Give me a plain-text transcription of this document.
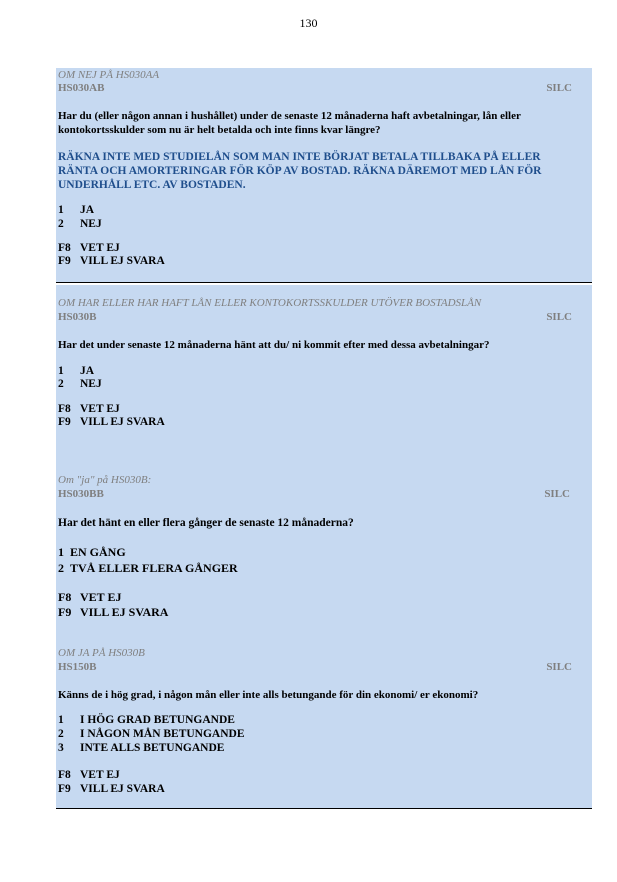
130
OM NEJ PÅ HS030AA
HS030AB	SILC
Har du (eller någon annan i hushållet) under de senaste 12 månaderna haft avbetalningar, lån eller
kontokortsskulder som nu är helt betalda och inte finns kvar längre?
RÄKNA INTE MED STUDIELÅN SOM MAN INTE BÖRJAT BETALA TILLBAKA PÅ ELLER RÄNTA OCH AMORTERINGAR FÖR KÖP AV BOSTAD. RÄKNA DÄREMOT MED LÅN FÖR UNDERHÅLL ETC. AV BOSTADEN.
1 JA
2 NEJ
F8 VET EJ
F9 VILL EJ SVARA
OM HAR ELLER HAR HAFT LÅN ELLER KONTOKORTSSKULDER UTÖVER BOSTADSLÅN
HS030B	SILC
Har det under senaste 12 månaderna hänt att du/ ni kommit efter med dessa avbetalningar?
1 JA
2 NEJ
F8 VET EJ
F9 VILL EJ SVARA
Om "ja" på HS030B:
HS030BB	SILC
Har det hänt en eller flera gånger de senaste 12 månaderna?
1 EN GÅNG
2 TVÅ ELLER FLERA GÅNGER
F8 VET EJ
F9 VILL EJ SVARA
OM JA PÅ HS030B
HS150B	SILC
Känns de i hög grad, i någon mån eller inte alls betungande för din ekonomi/ er ekonomi?
1 I HÖG GRAD BETUNGANDE
2 I NÅGON MÅN BETUNGANDE
3 INTE ALLS BETUNGANDE
F8 VET EJ
F9 VILL EJ SVARA
